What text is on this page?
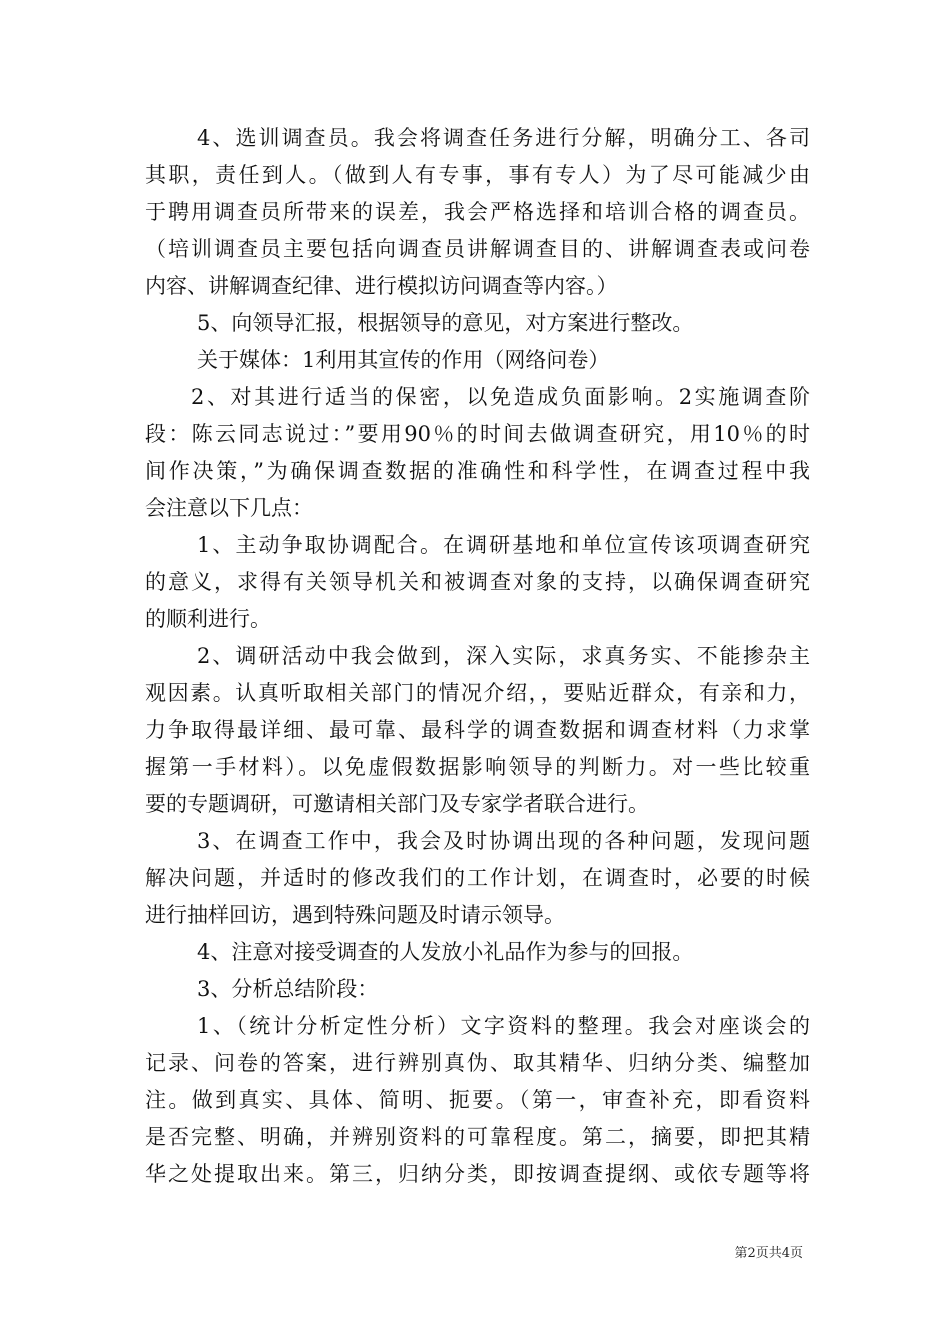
4、选训调查员。我会将调查任务进行分解，明确分工、各司
其职，责任到人。（做到人有专事，事有专人）为了尽可能减少由
于聘用调查员所带来的误差，我会严格选择和培训合格的调查员。
（培训调查员主要包括向调查员讲解调查目的、讲解调查表或问卷
内容、讲解调查纪律、进行模拟访问调查等内容。）
5、向领导汇报，根据领导的意见，对方案进行整改。
关于媒体：1利用其宣传的作用（网络问卷）
2、对其进行适当的保密，以免造成负面影响。2实施调查阶
段：陈云同志说过：”要用90％的时间去做调查研究，用10％的时
间作决策，”为确保调查数据的准确性和科学性，在调查过程中我
会注意以下几点：
1、主动争取协调配合。在调研基地和单位宣传该项调查研究
的意义，求得有关领导机关和被调查对象的支持，以确保调查研究
的顺利进行。
2、调研活动中我会做到，深入实际，求真务实、不能掺杂主
观因素。认真听取相关部门的情况介绍，，要贴近群众，有亲和力，
力争取得最详细、最可靠、最科学的调查数据和调查材料（力求掌
握第一手材料）。以免虚假数据影响领导的判断力。对一些比较重
要的专题调研，可邀请相关部门及专家学者联合进行。
3、在调查工作中，我会及时协调出现的各种问题，发现问题
解决问题，并适时的修改我们的工作计划，在调查时，必要的时候
进行抽样回访，遇到特殊问题及时请示领导。
4、注意对接受调查的人发放小礼品作为参与的回报。
3、分析总结阶段：
1、（统计分析定性分析）文字资料的整理。我会对座谈会的
记录、问卷的答案，进行辨别真伪、取其精华、归纳分类、编整加
注。做到真实、具体、简明、扼要。（第一，审查补充，即看资料
是否完整、明确，并辨别资料的可靠程度。第二，摘要，即把其精
华之处提取出来。第三，归纳分类，即按调查提纲、或依专题等将
第2页共4页
